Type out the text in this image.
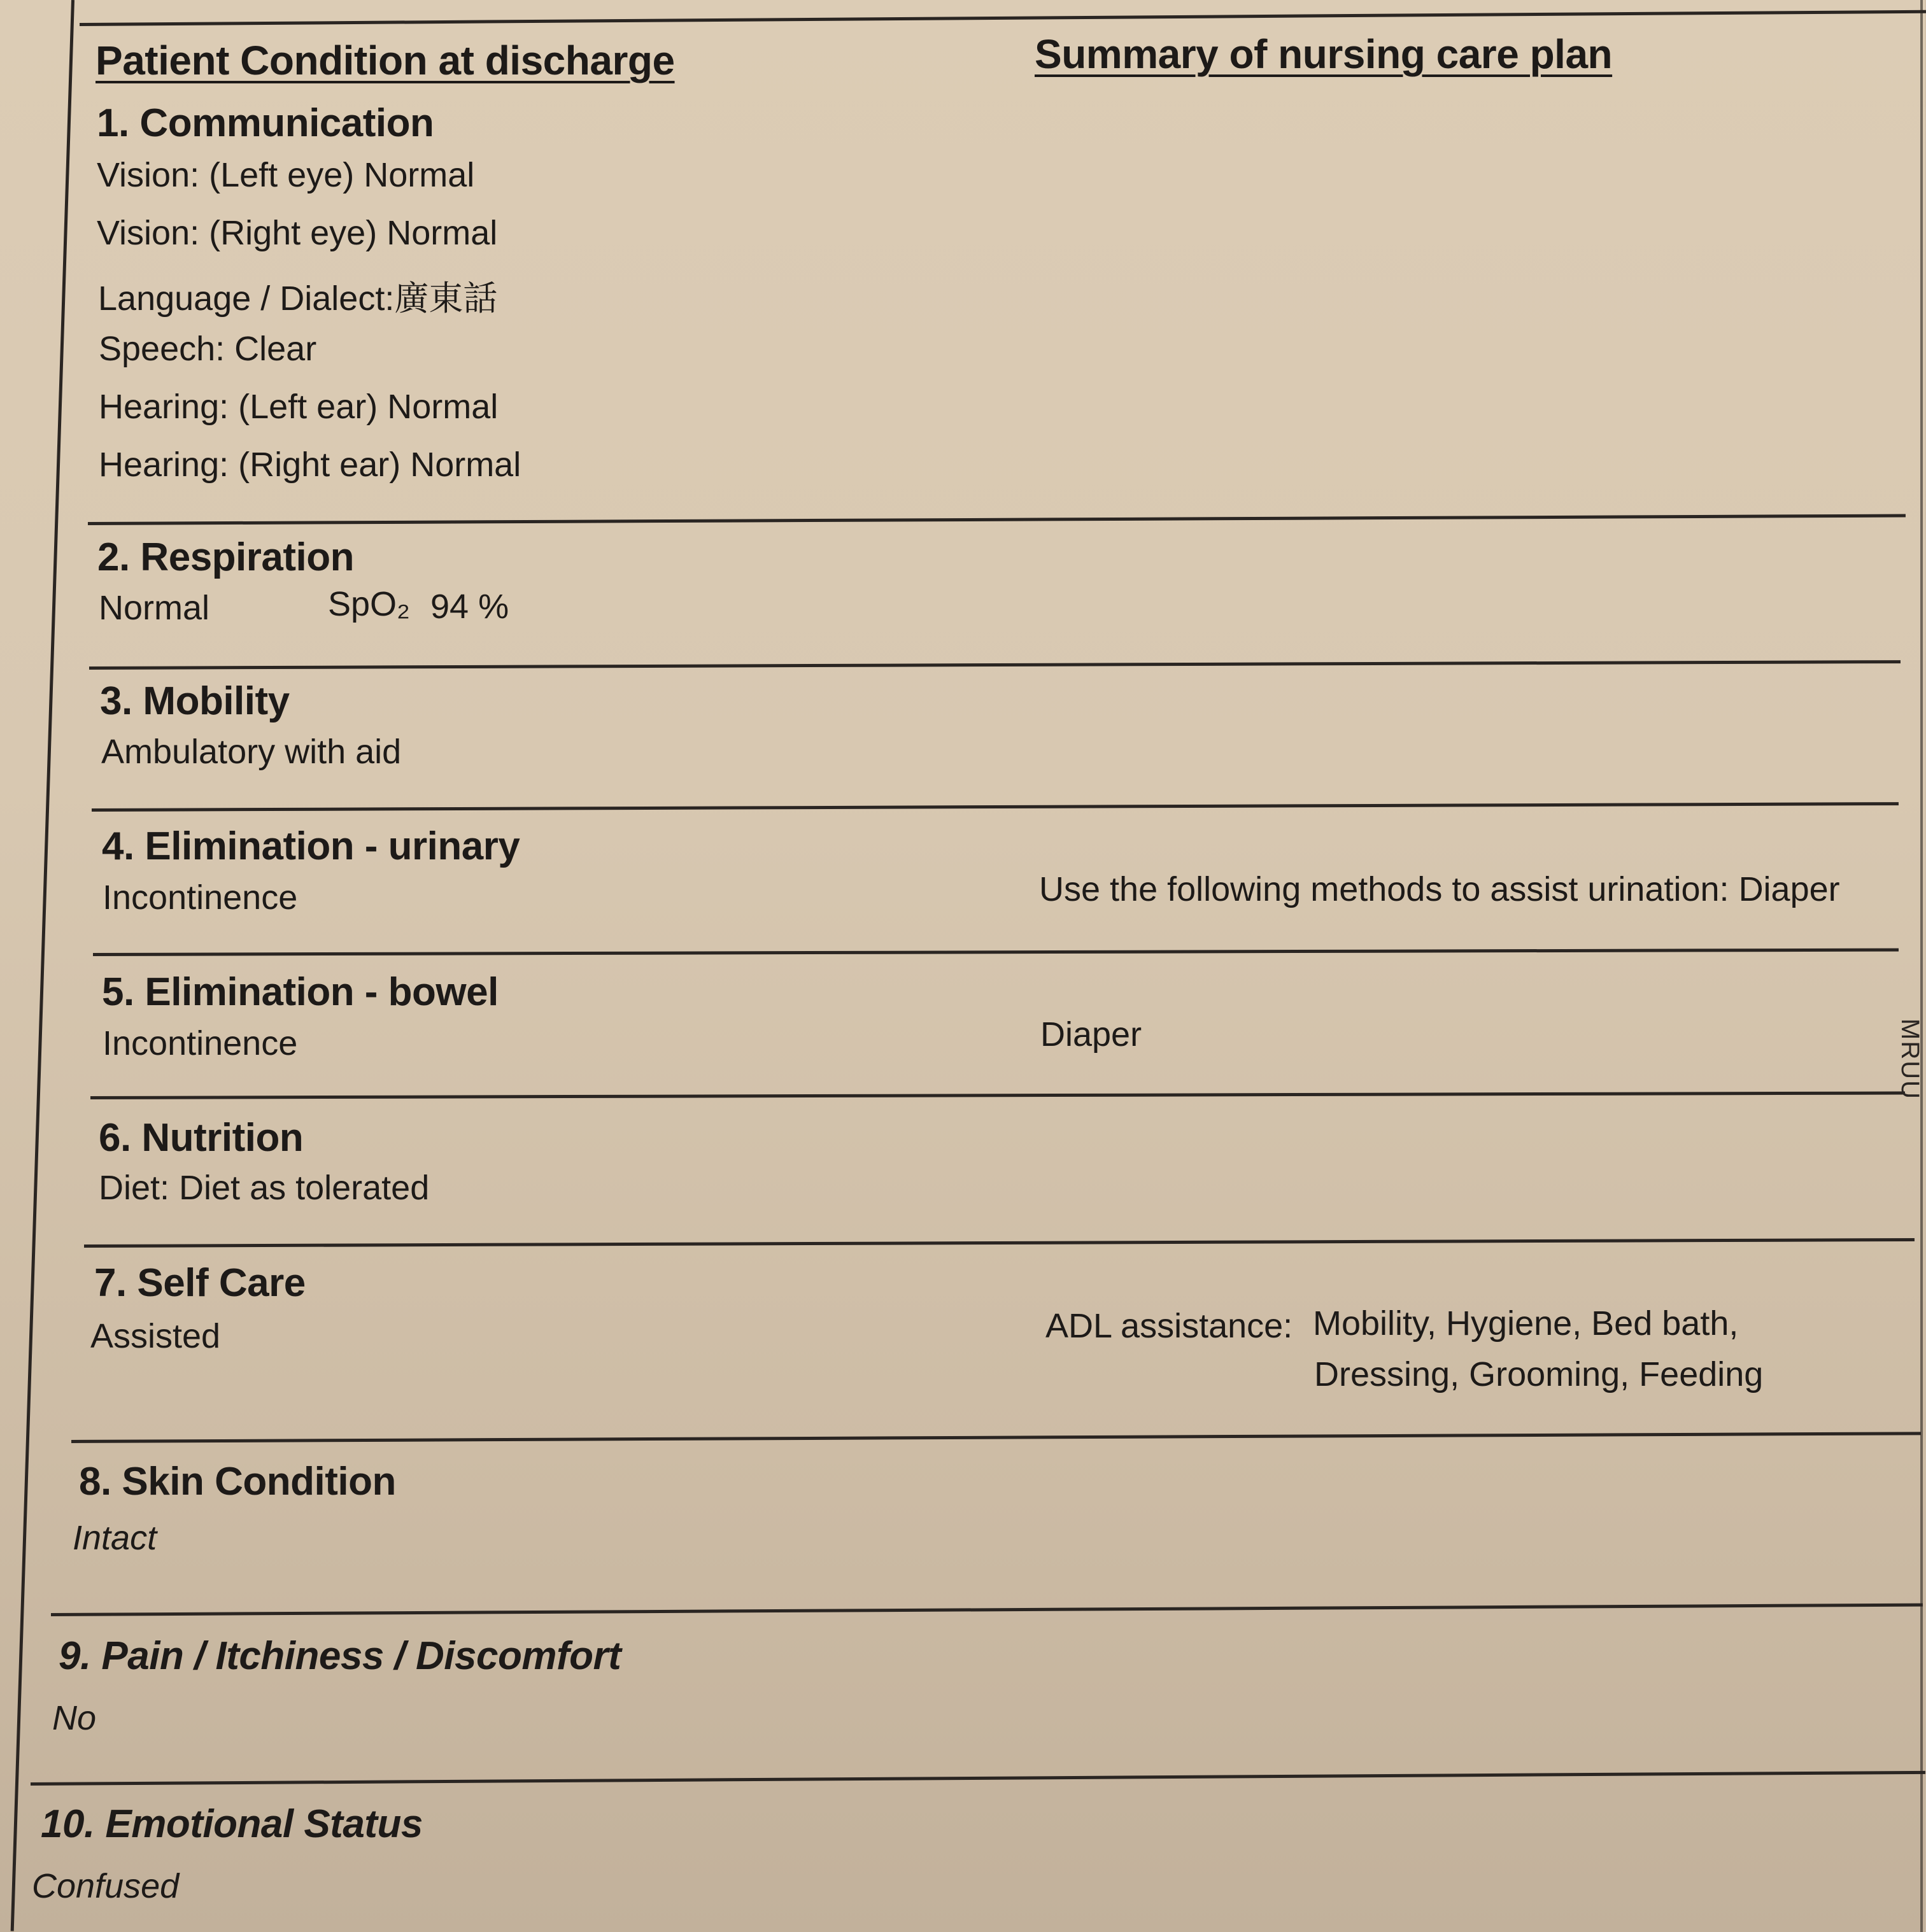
Patient Condition at discharge	Summary of nursing care plan
1. Communication
Vision: (Left eye) Normal
Vision: (Right eye) Normal
Language / Dialect:廣東話
Speech: Clear
Hearing: (Left ear) Normal
Hearing: (Right ear) Normal
2. Respiration
Normal	SpO₂ 94 %
3. Mobility
Ambulatory with aid
4. Elimination - urinary
Incontinence	Use the following methods to assist urination: Diaper
5. Elimination - bowel
Incontinence	Diaper
6. Nutrition
Diet: Diet as tolerated
7. Self Care
Assisted	ADL assistance: Mobility, Hygiene, Bed bath,
Dressing, Grooming, Feeding
8. Skin Condition
Intact
9. Pain / Itchiness / Discomfort
No
10. Emotional Status
Confused
MRUU
